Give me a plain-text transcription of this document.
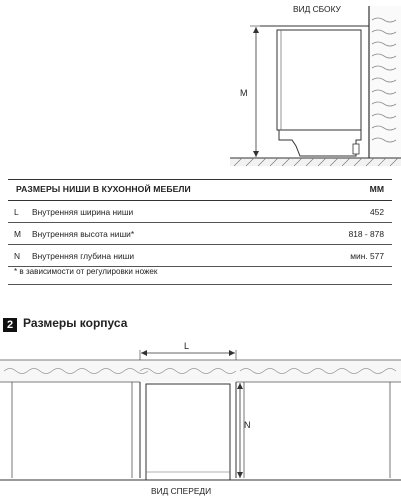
ВИД СБОКУ
M
РАЗМЕРЫ НИШИ В КУХОННОЙ МЕБЕЛИ	ММ
L Внутренняя ширина ниши	452
M Внутренняя высота ниши*	818 - 878
N Внутренняя глубина ниши	мин. 577
* в зависимости от регулировки ножек
2 Размеры корпуса
L
N
ВИД СПЕРЕДИ
